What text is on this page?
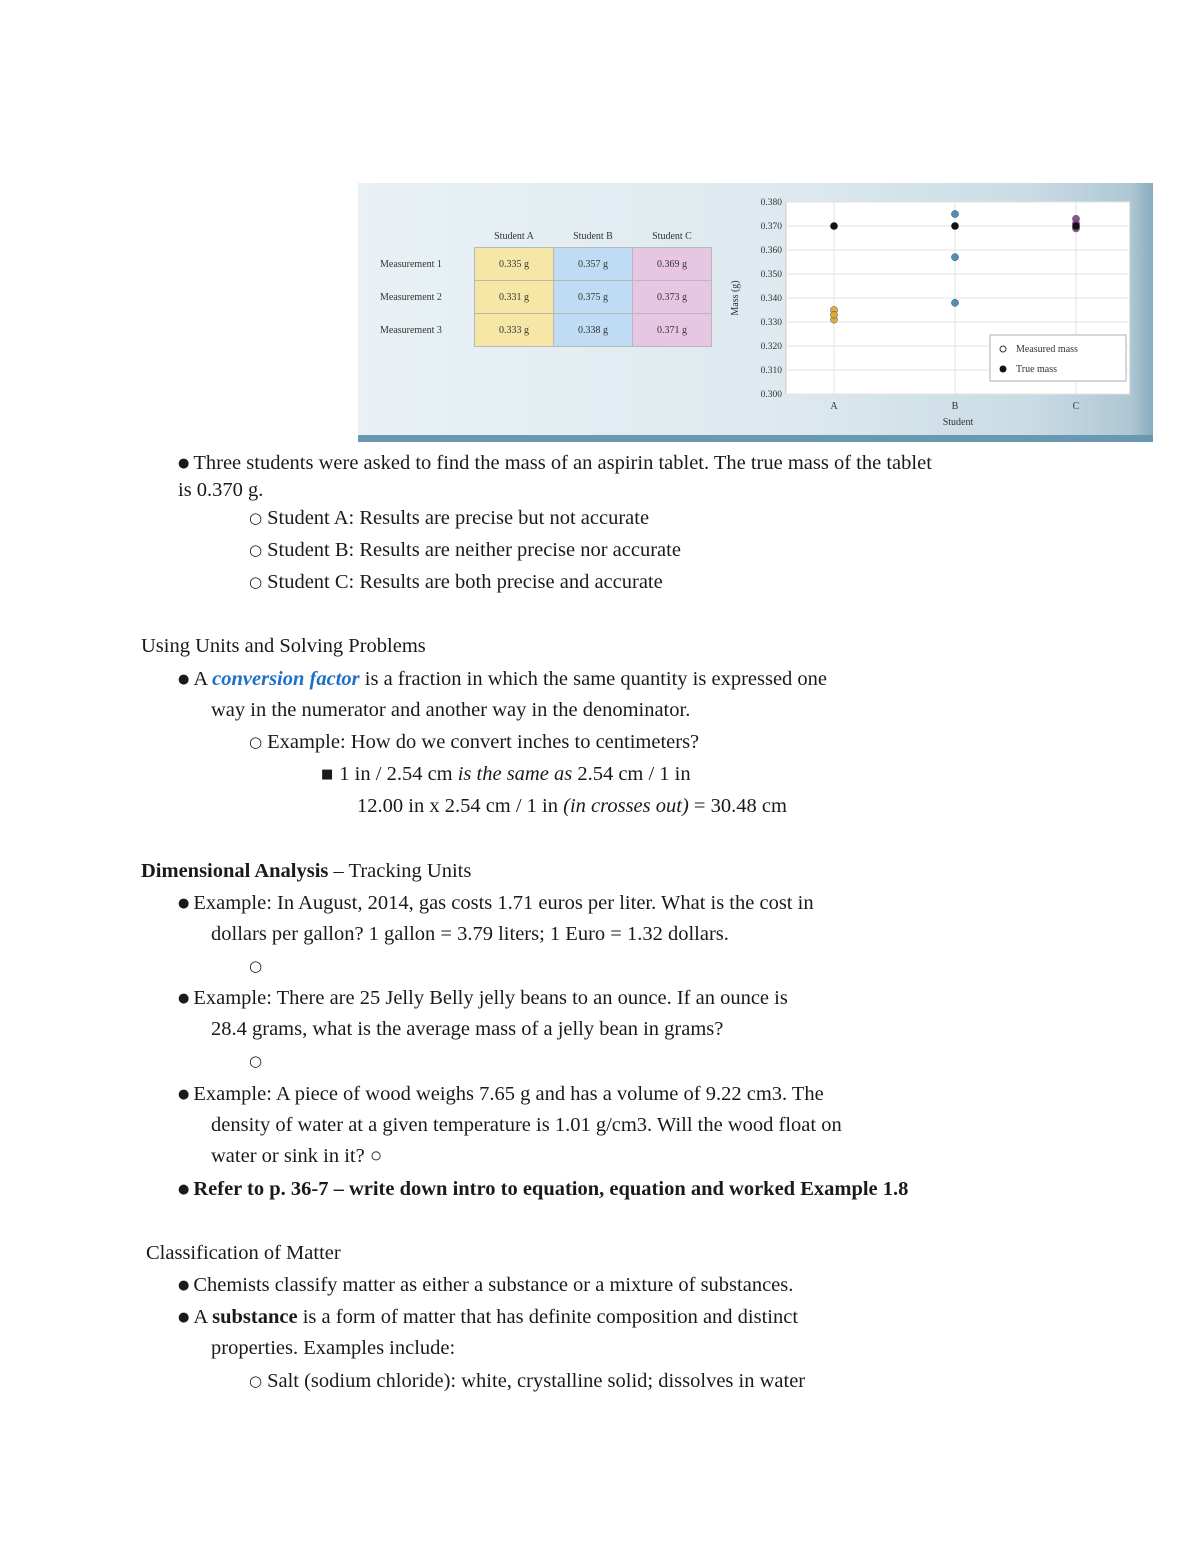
	Student A	Student B	Student C
Measurement 1	0.335 g	0.357 g	0.369 g
Measurement 2	0.331 g	0.375 g	0.373 g
Measurement 3	0.333 g	0.338 g	0.371 g
0.380
0.370
0.360
0.350
0.340
0.330
0.320
0.310
0.300
A	B	C
Mass (g)
Student
Measured mass
True mass
● Three students were asked to find the mass of an aspirin tablet. The true mass of the tablet
is 0.370 g.
○ Student A: Results are precise but not accurate
○ Student B: Results are neither precise nor accurate
○ Student C: Results are both precise and accurate
Using Units and Solving Problems
● A conversion factor is a fraction in which the same quantity is expressed one
way in the numerator and another way in the denominator.
○ Example: How do we convert inches to centimeters?
■ 1 in / 2.54 cm is the same as 2.54 cm / 1 in
12.00 in x 2.54 cm / 1 in (in crosses out) = 30.48 cm
Dimensional Analysis – Tracking Units
● Example: In August, 2014, gas costs 1.71 euros per liter. What is the cost in
dollars per gallon? 1 gallon = 3.79 liters; 1 Euro = 1.32 dollars.
○
● Example: There are 25 Jelly Belly jelly beans to an ounce. If an ounce is
28.4 grams, what is the average mass of a jelly bean in grams?
○
● Example: A piece of wood weighs 7.65 g and has a volume of 9.22 cm3. The
density of water at a given temperature is 1.01 g/cm3. Will the wood float on
water or sink in it? ○
● Refer to p. 36-7 – write down intro to equation, equation and worked Example 1.8
Classification of Matter
● Chemists classify matter as either a substance or a mixture of substances.
● A substance is a form of matter that has definite composition and distinct
properties. Examples include:
○ Salt (sodium chloride): white, crystalline solid; dissolves in water
